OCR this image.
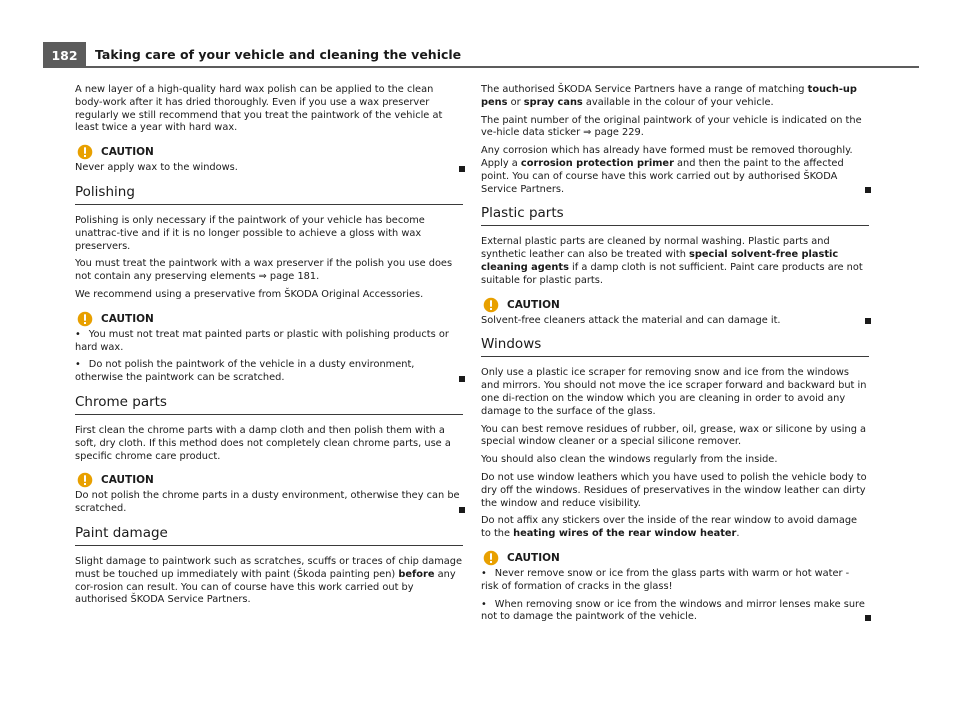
182	Taking care of your vehicle and cleaning the vehicle

A new layer of a high-quality hard wax polish can be applied to the clean body-work after it has dried thoroughly. Even if you use a wax preserver regularly we still recommend that you treat the paintwork of the vehicle at least twice a year with hard wax.

CAUTION

Never apply wax to the windows.

Polishing

Polishing is only necessary if the paintwork of your vehicle has become unattrac-tive and if it is no longer possible to achieve a gloss with wax preservers.

You must treat the paintwork with a wax preserver if the polish you use does not contain any preserving elements ⇒ page 181.

We recommend using a preservative from ŠKODA Original Accessories.

CAUTION

• You must not treat mat painted parts or plastic with polishing products or hard wax.

• Do not polish the paintwork of the vehicle in a dusty environment, otherwise the paintwork can be scratched.

Chrome parts

First clean the chrome parts with a damp cloth and then polish them with a soft, dry cloth. If this method does not completely clean chrome parts, use a specific chrome care product.

CAUTION

Do not polish the chrome parts in a dusty environment, otherwise they can be scratched.

Paint damage

Slight damage to paintwork such as scratches, scuffs or traces of chip damage must be touched up immediately with paint (Škoda painting pen) before any cor-rosion can result. You can of course have this work carried out by authorised ŠKODA Service Partners.

The authorised ŠKODA Service Partners have a range of matching touch-up pens or spray cans available in the colour of your vehicle.

The paint number of the original paintwork of your vehicle is indicated on the ve-hicle data sticker ⇒ page 229.

Any corrosion which has already have formed must be removed thoroughly. Apply a corrosion protection primer and then the paint to the affected point. You can of course have this work carried out by authorised ŠKODA Service Partners.

Plastic parts

External plastic parts are cleaned by normal washing. Plastic parts and synthetic leather can also be treated with special solvent-free plastic cleaning agents if a damp cloth is not sufficient. Paint care products are not suitable for plastic parts.

CAUTION

Solvent-free cleaners attack the material and can damage it.

Windows

Only use a plastic ice scraper for removing snow and ice from the windows and mirrors. You should not move the ice scraper forward and backward but in one di-rection on the window which you are cleaning in order to avoid any damage to the surface of the glass.

You can best remove residues of rubber, oil, grease, wax or silicone by using a special window cleaner or a special silicone remover.

You should also clean the windows regularly from the inside.

Do not use window leathers which you have used to polish the vehicle body to dry off the windows. Residues of preservatives in the window leather can dirty the window and reduce visibility.

Do not affix any stickers over the inside of the rear window to avoid damage to the heating wires of the rear window heater.

CAUTION

• Never remove snow or ice from the glass parts with warm or hot water - risk of formation of cracks in the glass!

• When removing snow or ice from the windows and mirror lenses make sure not to damage the paintwork of the vehicle.
